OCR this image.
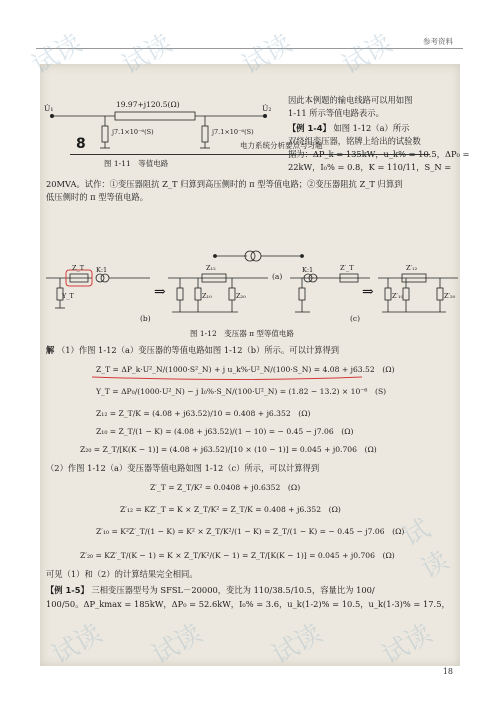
参考资料
8	电力系统分析要点与习题
19.97+j120.5(Ω)
U̇₁	U̇₂
j7.1×10⁻⁶(S)	j7.1×10⁻⁶(S)
图 1-11　等值电路
因此本例题的输电线路可以用如图
1-11 所示等值电路表示。
【例 1-4】 如图 1-12（a）所示
双绕组变压器，铭牌上给出的试验数
据为：ΔP_k = 135kW，u_k% = 10.5，ΔP₀ =
22kW，I₀% = 0.8，K = 110/11，S_N =
20MVA。试作：①变压器阻抗 Z_T 归算到高压侧时的 π 型等值电路；②变压器阻抗 Z_T 归算到
低压侧时的 π 型等值电路。
(a)
Z_T K:1
Y_T	⇒
Z₁₂
Z₁₀	Z₂₀
(b)
K:1	Z′_T
⇒
Z′₁₂
Z′₁₀	Z′₂₀
(c)
图 1-12　变压器 π 型等值电路
解 （1）作图 1-12（a）变压器的等值电路如图 1-12（b）所示。可以计算得到
Z_T = ΔP_k·U²_N/(1000·S²_N) + j u_k%·U²_N/(100·S_N) = 4.08 + j63.52　(Ω)
Y_T = ΔP₀/(1000·U²_N) − j I₀%·S_N/(100·U²_N) = (1.82 − 13.2) × 10⁻⁶　(S)
Z₁₂ = Z_T/K = (4.08 + j63.52)/10 = 0.408 + j6.352　(Ω)
Z₁₀ = Z_T/(1 − K) = (4.08 + j63.52)/(1 − 10) = − 0.45 − j7.06　(Ω)
Z₂₀ = Z_T/[K(K − 1)] = (4.08 + j63.52)/[10 × (10 − 1)] = 0.045 + j0.706　(Ω)
（2）作图 1-12（a）变压器等值电路如图 1-12（c）所示，可以计算得到
Z′_T = Z_T/K² = 0.0408 + j0.6352　(Ω)
Z′₁₂ = KZ′_T = K × Z_T/K² = Z_T/K = 0.408 + j6.352　(Ω)
Z′₁₀ = K²Z′_T/(1 − K) = K² × Z_T/K²/(1 − K) = Z_T/(1 − K) = − 0.45 − j7.06　(Ω)
Z′₂₀ = KZ′_T/(K − 1) = K × Z_T/K²/(K − 1) = Z_T/[K(K − 1)] = 0.045 + j0.706　(Ω)
可见（1）和（2）的计算结果完全相同。
【例 1-5】 三相变压器型号为 SFSL－20000，变比为 110/38.5/10.5，容量比为 100/
100/50。ΔP_kmax = 185kW，ΔP₀ = 52.6kW，I₀% = 3.6，u_k(1-2)% = 10.5，u_k(1-3)% = 17.5，
试读 试读 试读 试读
试读
试读 试读 试读 试读
18
